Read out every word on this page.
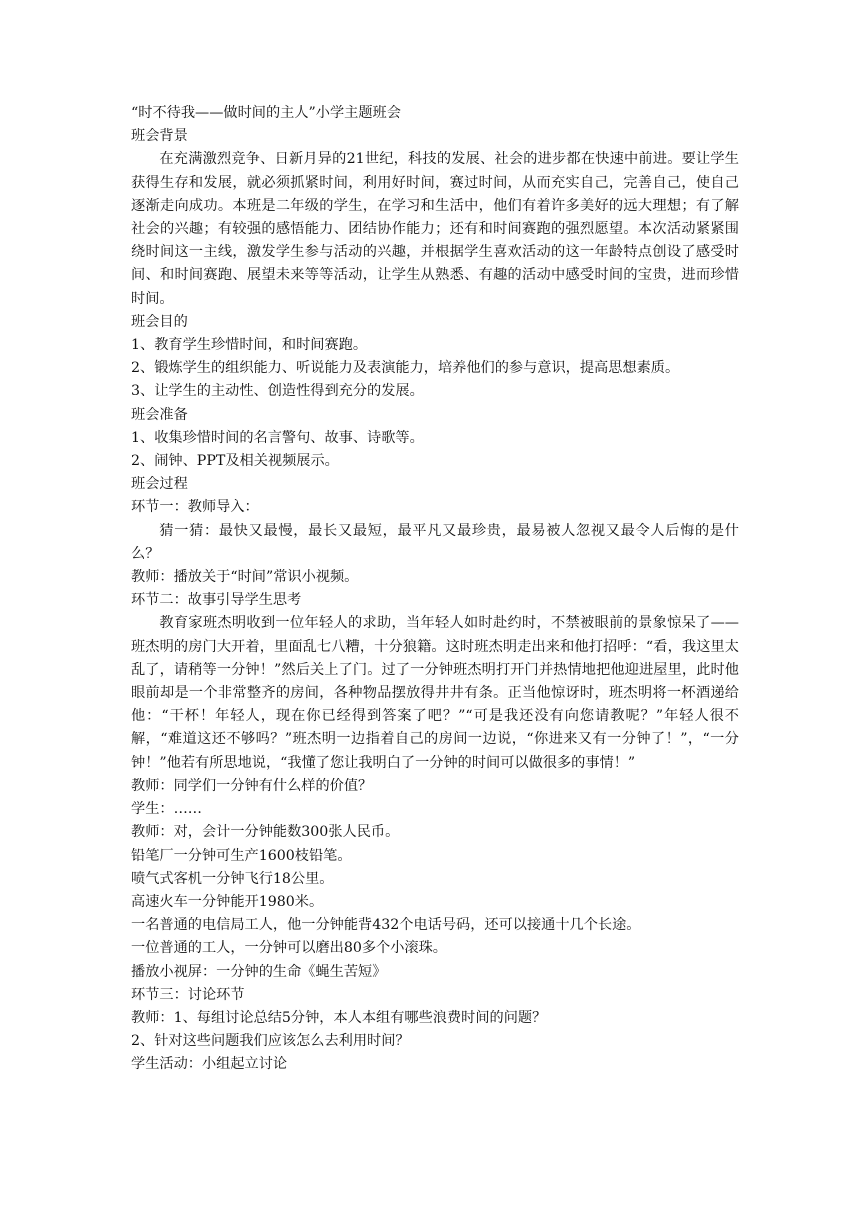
“时不待我——做时间的主人”小学主题班会

班会背景

在充满激烈竞争、日新月异的21世纪，科技的发展、社会的进步都在快速中前进。要让学生获得生存和发展，就必须抓紧时间，利用好时间，赛过时间，从而充实自己，完善自己，使自己逐渐走向成功。本班是二年级的学生，在学习和生活中，他们有着许多美好的远大理想；有了解社会的兴趣；有较强的感悟能力、团结协作能力；还有和时间赛跑的强烈愿望。本次活动紧紧围绕时间这一主线，激发学生参与活动的兴趣，并根据学生喜欢活动的这一年龄特点创设了感受时间、和时间赛跑、展望未来等等活动，让学生从熟悉、有趣的活动中感受时间的宝贵，进而珍惜时间。

班会目的

1、教育学生珍惜时间，和时间赛跑。

2、锻炼学生的组织能力、听说能力及表演能力，培养他们的参与意识，提高思想素质。

3、让学生的主动性、创造性得到充分的发展。

班会准备

1、收集珍惜时间的名言警句、故事、诗歌等。

2、闹钟、PPT及相关视频展示。

班会过程

环节一：教师导入：

猜一猜：最快又最慢，最长又最短，最平凡又最珍贵，最易被人忽视又最令人后悔的是什么？

教师：播放关于“时间”常识小视频。

环节二：故事引导学生思考

教育家班杰明收到一位年轻人的求助，当年轻人如时赴约时，不禁被眼前的景象惊呆了——班杰明的房门大开着，里面乱七八糟，十分狼籍。这时班杰明走出来和他打招呼：“看，我这里太乱了，请稍等一分钟！”然后关上了门。过了一分钟班杰明打开门并热情地把他迎进屋里，此时他眼前却是一个非常整齐的房间，各种物品摆放得井井有条。正当他惊讶时，班杰明将一杯酒递给他：“干杯！年轻人，现在你已经得到答案了吧？”“可是我还没有向您请教呢？”年轻人很不解，“难道这还不够吗？”班杰明一边指着自己的房间一边说，“你进来又有一分钟了！”，“一分钟！”他若有所思地说，“我懂了您让我明白了一分钟的时间可以做很多的事情！”

教师：同学们一分钟有什么样的价值？

学生：……

教师：对，会计一分钟能数300张人民币。

铅笔厂一分钟可生产1600枝铅笔。

喷气式客机一分钟飞行18公里。

高速火车一分钟能开1980米。

一名普通的电信局工人，他一分钟能背432个电话号码，还可以接通十几个长途。

一位普通的工人，一分钟可以磨出80多个小滚珠。

播放小视屏：一分钟的生命《蝇生苦短》

环节三：讨论环节

教师：1、每组讨论总结5分钟，本人本组有哪些浪费时间的问题？

2、针对这些问题我们应该怎么去利用时间？

学生活动：小组起立讨论
